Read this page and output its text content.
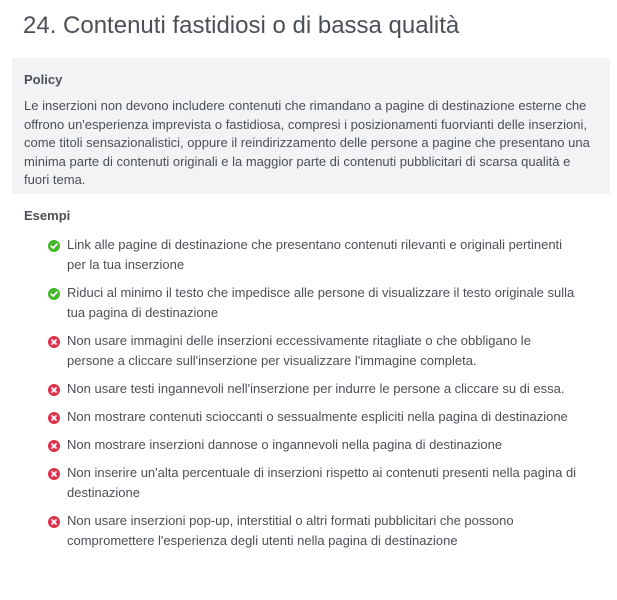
24. Contenuti fastidiosi o di bassa qualità
Policy

Le inserzioni non devono includere contenuti che rimandano a pagine di destinazione esterne che offrono un'esperienza imprevista o fastidiosa, compresi i posizionamenti fuorvianti delle inserzioni, come titoli sensazionalistici, oppure il reindirizzamento delle persone a pagine che presentano una minima parte di contenuti originali e la maggior parte di contenuti pubblicitari di scarsa qualità e fuori tema.

Esempi
Link alle pagine di destinazione che presentano contenuti rilevanti e originali pertinenti per la tua inserzione
Riduci al minimo il testo che impedisce alle persone di visualizzare il testo originale sulla tua pagina di destinazione
Non usare immagini delle inserzioni eccessivamente ritagliate o che obbligano le persone a cliccare sull'inserzione per visualizzare l'immagine completa.
Non usare testi ingannevoli nell'inserzione per indurre le persone a cliccare su di essa.
Non mostrare contenuti scioccanti o sessualmente espliciti nella pagina di destinazione
Non mostrare inserzioni dannose o ingannevoli nella pagina di destinazione
Non inserire un'alta percentuale di inserzioni rispetto ai contenuti presenti nella pagina di destinazione
Non usare inserzioni pop-up, interstitial o altri formati pubblicitari che possono compromettere l'esperienza degli utenti nella pagina di destinazione
